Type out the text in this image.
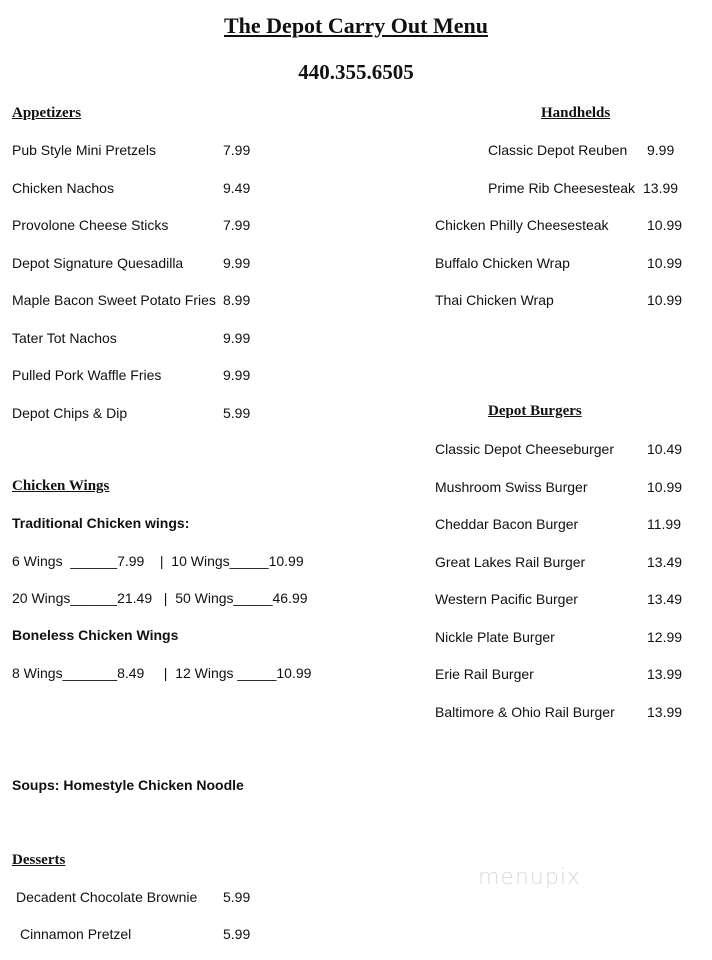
The Depot Carry Out Menu
440.355.6505
Appetizers	Handhelds
Depot Burgers
Chicken Wings
Traditional Chicken wings:
6 Wings  ______7.99    |  10 Wings_____10.99
20 Wings______21.49   |  50 Wings_____46.99
Boneless Chicken Wings
8 Wings_______8.49     |  12 Wings _____10.99
Soups: Homestyle Chicken Noodle
Desserts
menupix
Pub Style Mini Pretzels	7.99
Chicken Nachos	9.49
Provolone Cheese Sticks	7.99
Depot Signature Quesadilla	9.99
Maple Bacon Sweet Potato Fries 8.99
Tater Tot Nachos	9.99
Pulled Pork Waffle Fries	9.99
Depot Chips & Dip	5.99
Classic Depot Reuben 9.99
Prime Rib Cheesesteak 13.99
Chicken Philly Cheesesteak	10.99
Buffalo Chicken Wrap	10.99
Thai Chicken Wrap	10.99
Classic Depot Cheeseburger 10.49
Mushroom Swiss Burger	10.99
Cheddar Bacon Burger	11.99
Great Lakes Rail Burger	13.49
Western Pacific Burger	13.49
Nickle Plate Burger	12.99
Erie Rail Burger	13.99
Baltimore & Ohio Rail Burger 13.99
Decadent Chocolate Brownie 5.99
Cinnamon Pretzel	5.99
